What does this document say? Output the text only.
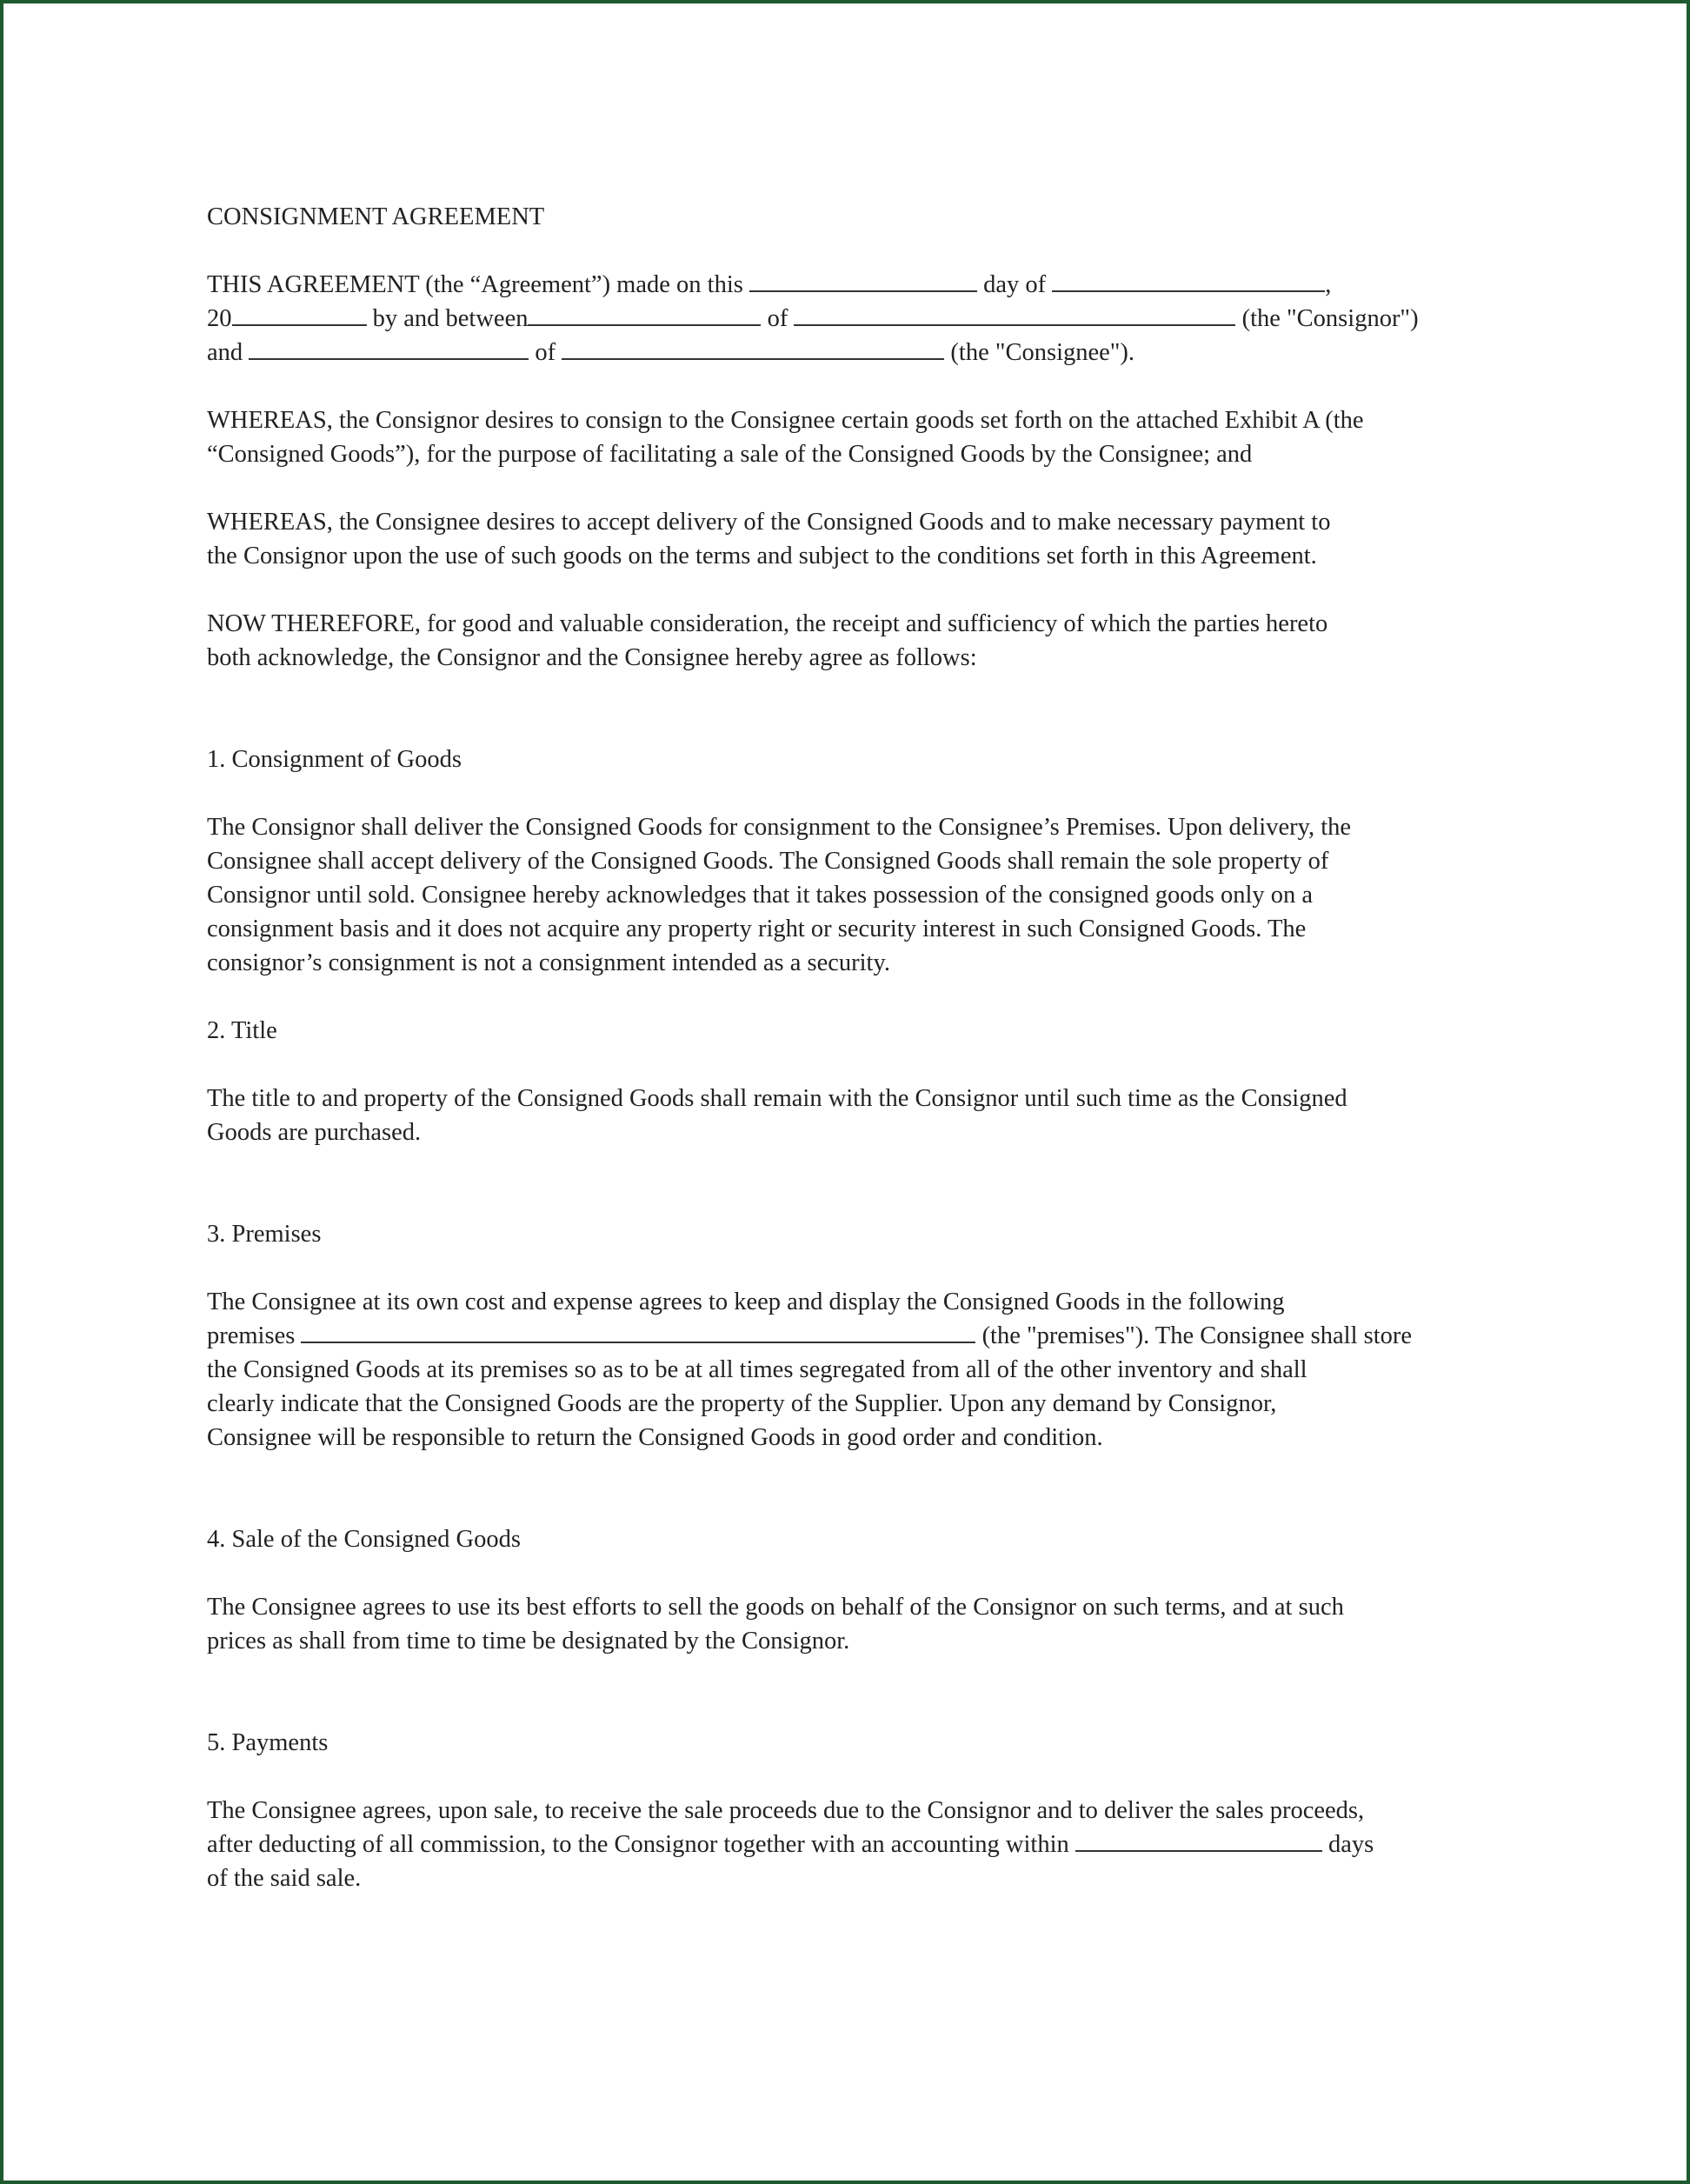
CONSIGNMENT AGREEMENT
THIS AGREEMENT (the “Agreement”) made on this	day of	,
20	by and between	of	(the "Consignor")
and	of	(the "Consignee").
WHEREAS, the Consignor desires to consign to the Consignee certain goods set forth on the attached Exhibit A (the
“Consigned Goods”), for the purpose of facilitating a sale of the Consigned Goods by the Consignee; and
WHEREAS, the Consignee desires to accept delivery of the Consigned Goods and to make necessary payment to
the Consignor upon the use of such goods on the terms and subject to the conditions set forth in this Agreement.
NOW THEREFORE, for good and valuable consideration, the receipt and sufficiency of which the parties hereto
both acknowledge, the Consignor and the Consignee hereby agree as follows:
1. Consignment of Goods
The Consignor shall deliver the Consigned Goods for consignment to the Consignee’s Premises. Upon delivery, the
Consignee shall accept delivery of the Consigned Goods. The Consigned Goods shall remain the sole property of
Consignor until sold. Consignee hereby acknowledges that it takes possession of the consigned goods only on a
consignment basis and it does not acquire any property right or security interest in such Consigned Goods. The
consignor’s consignment is not a consignment intended as a security.
2. Title
The title to and property of the Consigned Goods shall remain with the Consignor until such time as the Consigned
Goods are purchased.
3. Premises
The Consignee at its own cost and expense agrees to keep and display the Consigned Goods in the following
premises	(the "premises"). The Consignee shall store
the Consigned Goods at its premises so as to be at all times segregated from all of the other inventory and shall
clearly indicate that the Consigned Goods are the property of the Supplier. Upon any demand by Consignor,
Consignee will be responsible to return the Consigned Goods in good order and condition.
4. Sale of the Consigned Goods
The Consignee agrees to use its best efforts to sell the goods on behalf of the Consignor on such terms, and at such
prices as shall from time to time be designated by the Consignor.
5. Payments
The Consignee agrees, upon sale, to receive the sale proceeds due to the Consignor and to deliver the sales proceeds,
after deducting of all commission, to the Consignor together with an accounting within	days
of the said sale.
